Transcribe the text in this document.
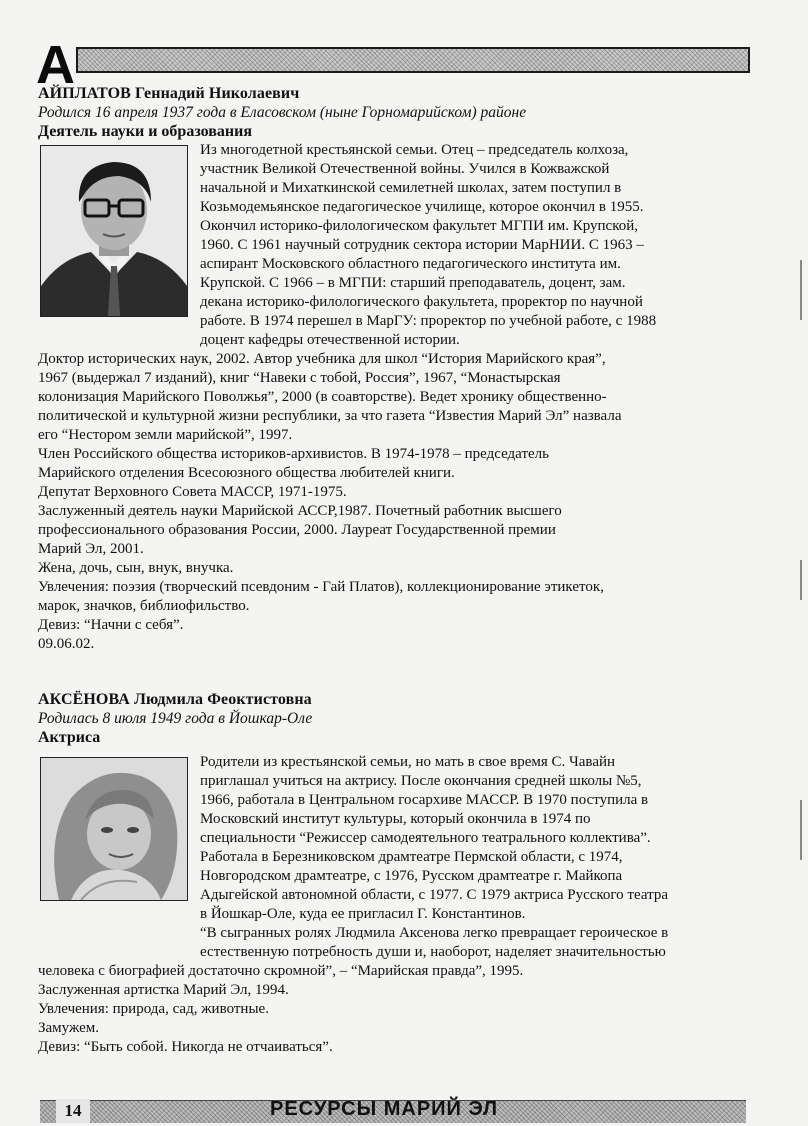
А
АЙПЛАТОВ Геннадий Николаевич
Родился 16 апреля 1937 года в Еласовском (ныне Горномарийском) районе
Деятель науки и образования
Из многодетной крестьянской семьи. Отец – председатель колхоза,
участник Великой Отечественной войны. Учился в Кожважской
начальной и Михаткинской семилетней школах, затем поступил в
Козьмодемьянское педагогическое училище, которое окончил в 1955.
Окончил историко-филологическом факультет МГПИ им. Крупской,
1960. С 1961 научный сотрудник сектора истории МарНИИ. С 1963 –
аспирант Московского областного педагогического института им.
Крупской. С 1966 – в МГПИ: старший преподаватель, доцент, зам.
декана историко-филологического факультета, проректор по научной
работе. В 1974 перешел в МарГУ: проректор по учебной работе, с 1988
доцент кафедры отечественной истории.
Доктор исторических наук, 2002. Автор учебника для школ “История Марийского края”,
1967 (выдержал 7 изданий), книг “Навеки с тобой, Россия”, 1967, “Монастырская
колонизация Марийского Поволжья”, 2000 (в соавторстве). Ведет хронику общественно-
политической и культурной жизни республики, за что газета “Известия Марий Эл” назвала
его “Нестором земли марийской”, 1997.
Член Российского общества историков-архивистов. В 1974-1978 – председатель
Марийского отделения Всесоюзного общества любителей книги.
Депутат Верховного Совета МАССР, 1971-1975.
Заслуженный деятель науки Марийской АССР,1987. Почетный работник высшего
профессионального образования России, 2000. Лауреат Государственной премии
Марий Эл, 2001.
Жена, дочь, сын, внук, внучка.
Увлечения: поэзия (творческий псевдоним - Гай Платов), коллекционирование этикеток,
марок, значков, библиофильство.
Девиз: “Начни с себя”.
09.06.02.
АКСЁНОВА Людмила Феоктистовна
Родилась 8 июля 1949 года в Йошкар-Оле
Актриса
Родители из крестьянской семьи, но мать в свое время С. Чавайн
приглашал учиться на актрису. После окончания средней школы №5,
1966, работала в Центральном госархиве МАССР. В 1970 поступила в
Московский институт культуры, который окончила в 1974 по
специальности “Режиссер самодеятельного театрального коллектива”.
Работала в Березниковском драмтеатре Пермской области, с 1974,
Новгородском драмтеатре, с 1976, Русском драмтеатре г. Майкопа
Адыгейской автономной области, с 1977. С 1979 актриса Русского театра
в Йошкар-Оле, куда ее пригласил Г. Константинов.
“В сыгранных ролях Людмила Аксенова легко превращает героическое в
естественную потребность души и, наоборот, наделяет значительностью
человека с биографией достаточно скромной”, – “Марийская правда”, 1995.
Заслуженная артистка Марий Эл, 1994.
Увлечения: природа, сад, животные.
Замужем.
Девиз: “Быть собой. Никогда не отчаиваться”.
14	РЕСУРСЫ МАРИЙ ЭЛ
